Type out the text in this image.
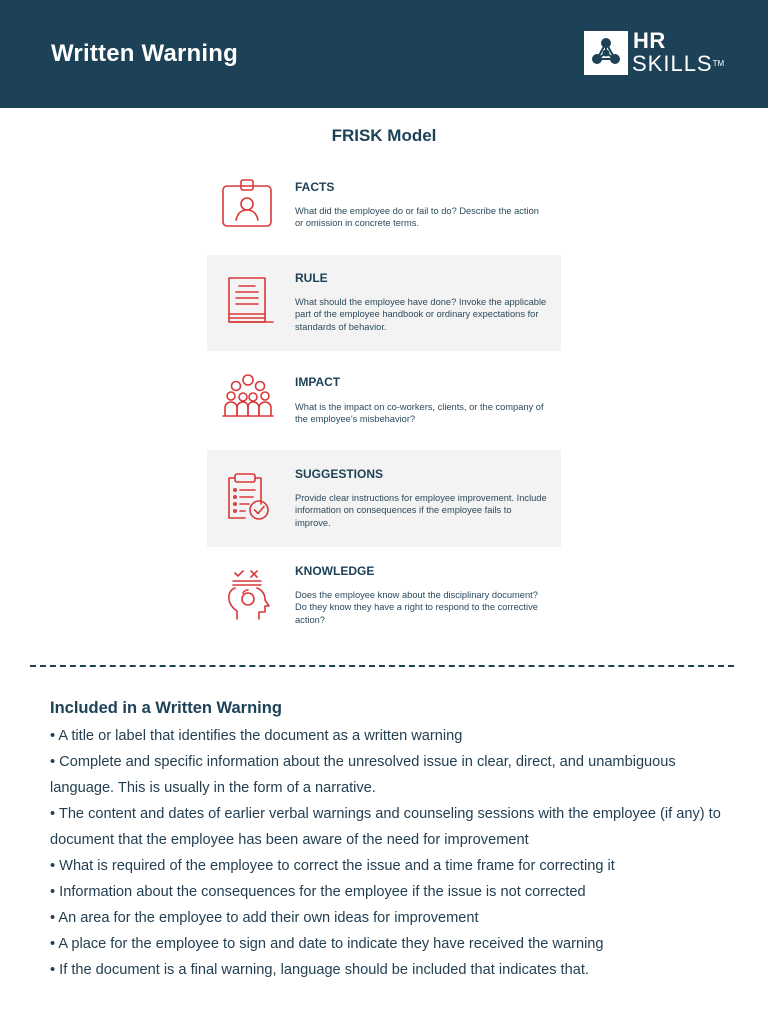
Written Warning	HR
SKILLS™
FRISK Model
FACTS
What did the employee do or fail to do? Describe the action or omission in concrete terms.
RULE
What should the employee have done? Invoke the applicable part of the employee handbook or ordinary expectations for standards of behavior.
IMPACT
What is the impact on co-workers, clients, or the company of the employee's misbehavior?
SUGGESTIONS
Provide clear instructions for employee improvement. Include information on consequences if the employee fails to improve.
KNOWLEDGE
Does the employee know about the disciplinary document? Do they know they have a right to respond to the corrective action?
Included in a Written Warning
• A title or label that identifies the document as a written warning
• Complete and specific information about the unresolved issue in clear, direct, and unambiguous language. This is usually in the form of a narrative.
• The content and dates of earlier verbal warnings and counseling sessions with the employee (if any) to document that the employee has been aware of the need for improvement
• What is required of the employee to correct the issue and a time frame for correcting it
• Information about the consequences for the employee if the issue is not corrected
• An area for the employee to add their own ideas for improvement
• A place for the employee to sign and date to indicate they have received the warning
• If the document is a final warning, language should be included that indicates that.
